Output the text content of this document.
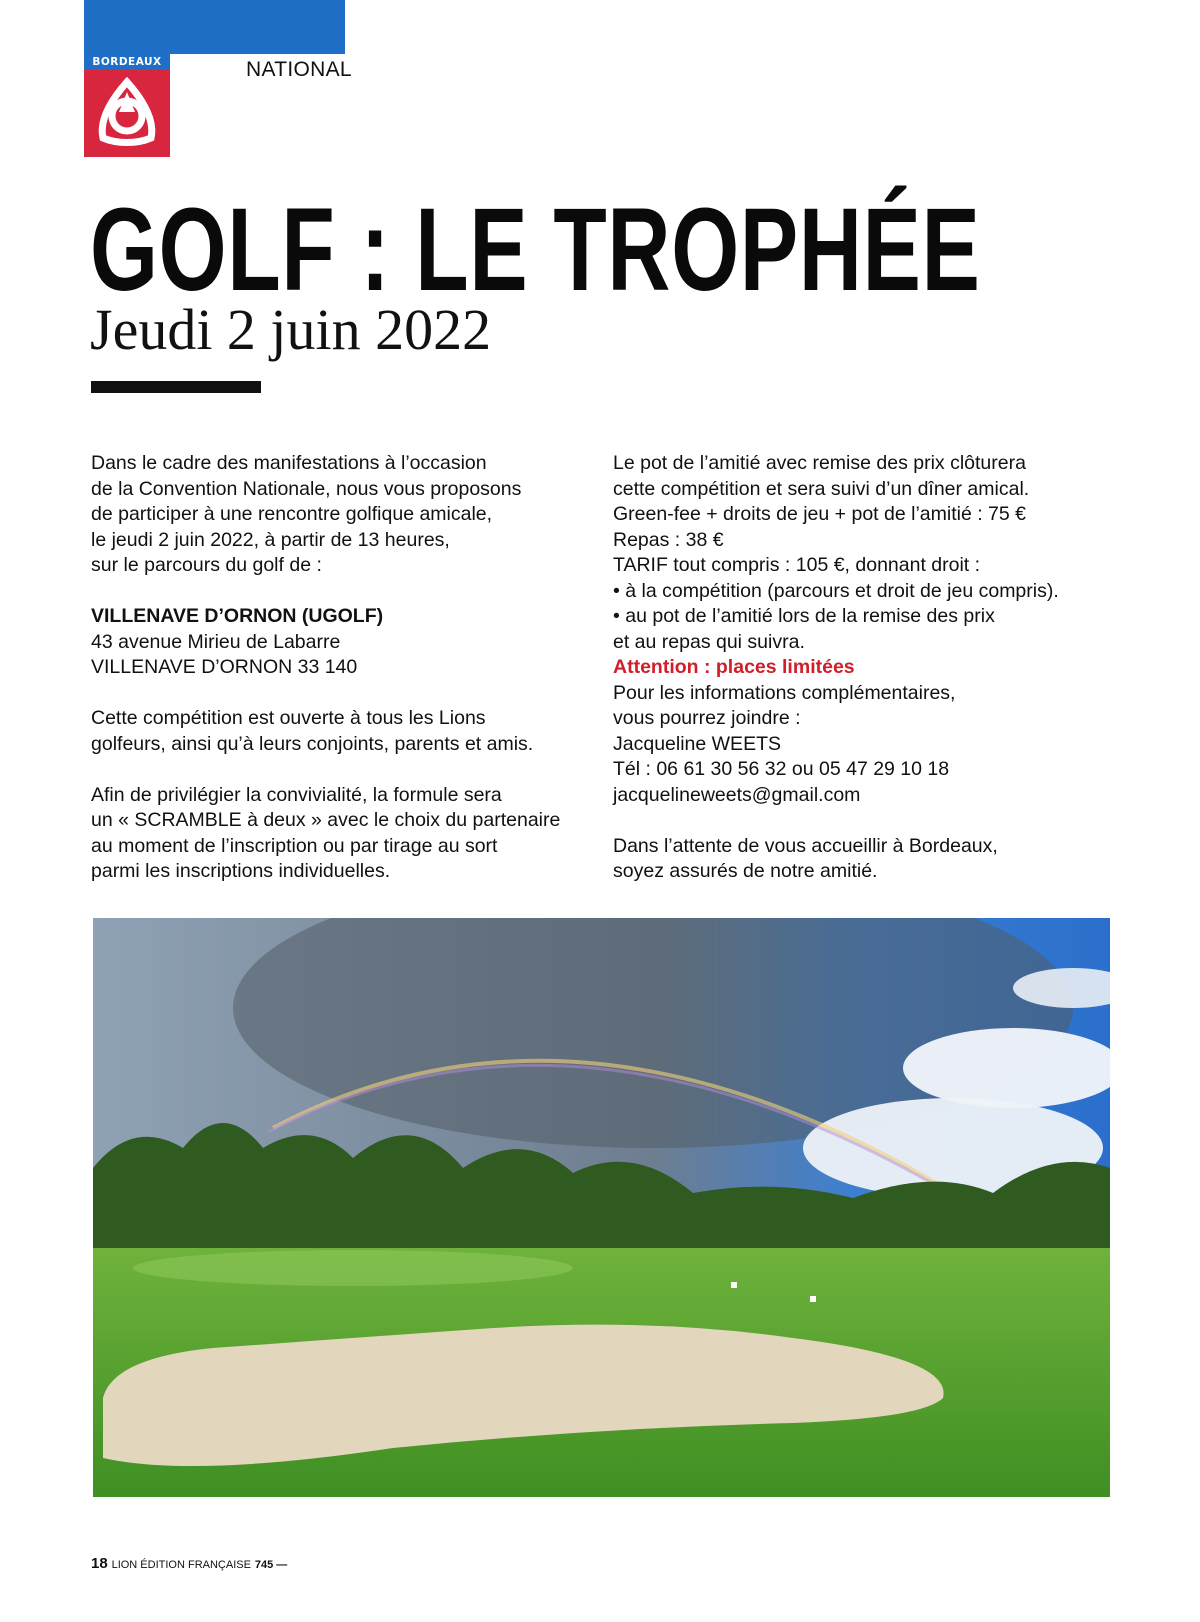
BORDEAUX	NATIONAL
GOLF : LE TROPHÉE
Jeudi 2 juin 2022

Dans le cadre des manifestations à l’occasion

de la Convention Nationale, nous vous proposons

de participer à une rencontre golfique amicale,

le jeudi 2 juin 2022, à partir de 13 heures,

sur le parcours du golf de :

VILLENAVE D’ORNON (UGOLF)

43 avenue Mirieu de Labarre

VILLENAVE D’ORNON 33 140

Cette compétition est ouverte à tous les Lions

golfeurs, ainsi qu’à leurs conjoints, parents et amis.

Afin de privilégier la convivialité, la formule sera

un « SCRAMBLE à deux » avec le choix du partenaire

au moment de l’inscription ou par tirage au sort

parmi les inscriptions individuelles.

Le pot de l’amitié avec remise des prix clôturera

cette compétition et sera suivi d’un dîner amical.

Green-fee + droits de jeu + pot de l’amitié : 75 €

Repas : 38 €

TARIF tout compris : 105 €, donnant droit :

• à la compétition (parcours et droit de jeu compris).

• au pot de l’amitié lors de la remise des prix

et au repas qui suivra.

Attention : places limitées

Pour les informations complémentaires,

vous pourrez joindre :

Jacqueline WEETS

Tél : 06 61 30 56 32 ou 05 47 29 10 18

jacquelineweets@gmail.com

Dans l’attente de vous accueillir à Bordeaux,

soyez assurés de notre amitié.

18 LION ÉDITION FRANÇAISE 745 —
